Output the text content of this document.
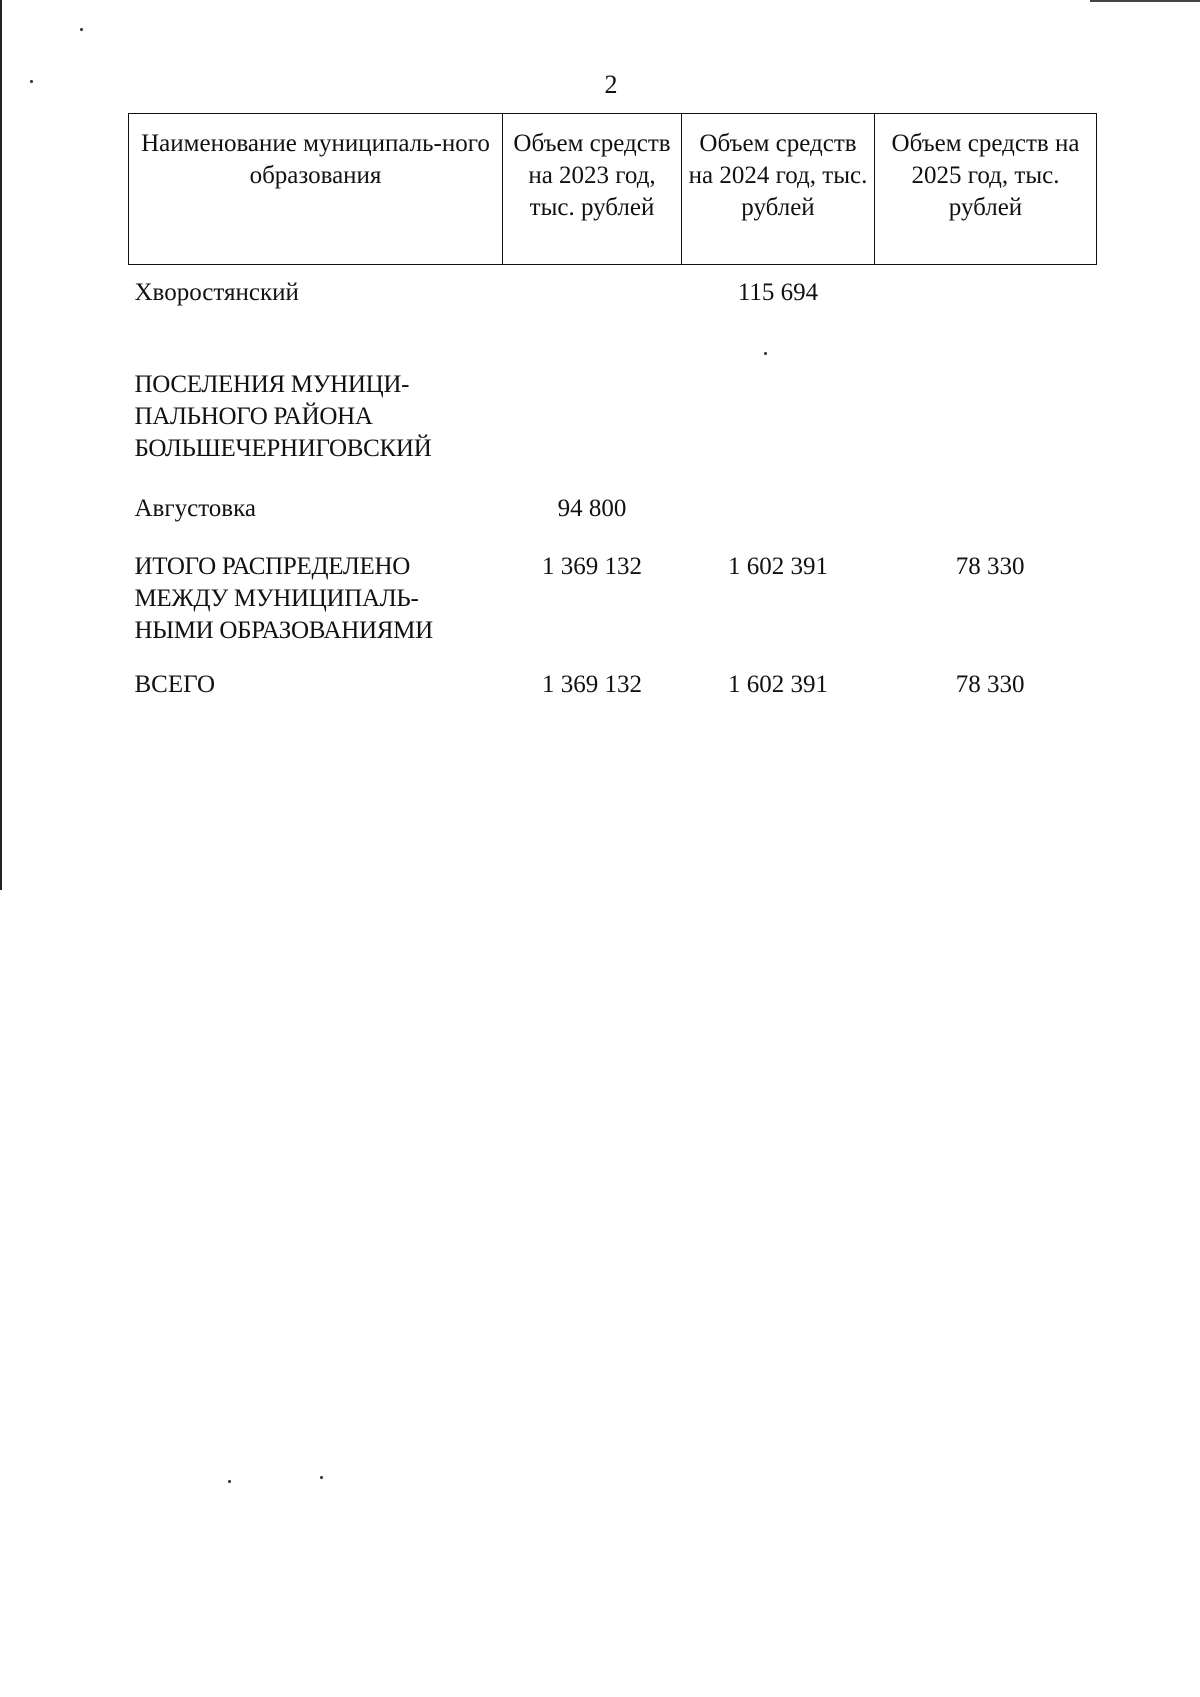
2
Наименование муниципаль-ного образования	Объем средств на 2023 год, тыс. рублей	Объем средств на 2024 год, тыс. рублей	Объем средств на 2025 год, тыс. рублей
Хворостянский		115 694	

ПОСЕЛЕНИЯ МУНИЦИ-ПАЛЬНОГО РАЙОНА БОЛЬШЕЧЕРНИГОВСКИЙ			

Августовка	94 800		

ИТОГО РАСПРЕДЕЛЕНО МЕЖДУ МУНИЦИПАЛЬ-НЫМИ ОБРАЗОВАНИЯМИ	1 369 132	1 602 391	78 330
ВСЕГО	1 369 132	1 602 391	78 330
